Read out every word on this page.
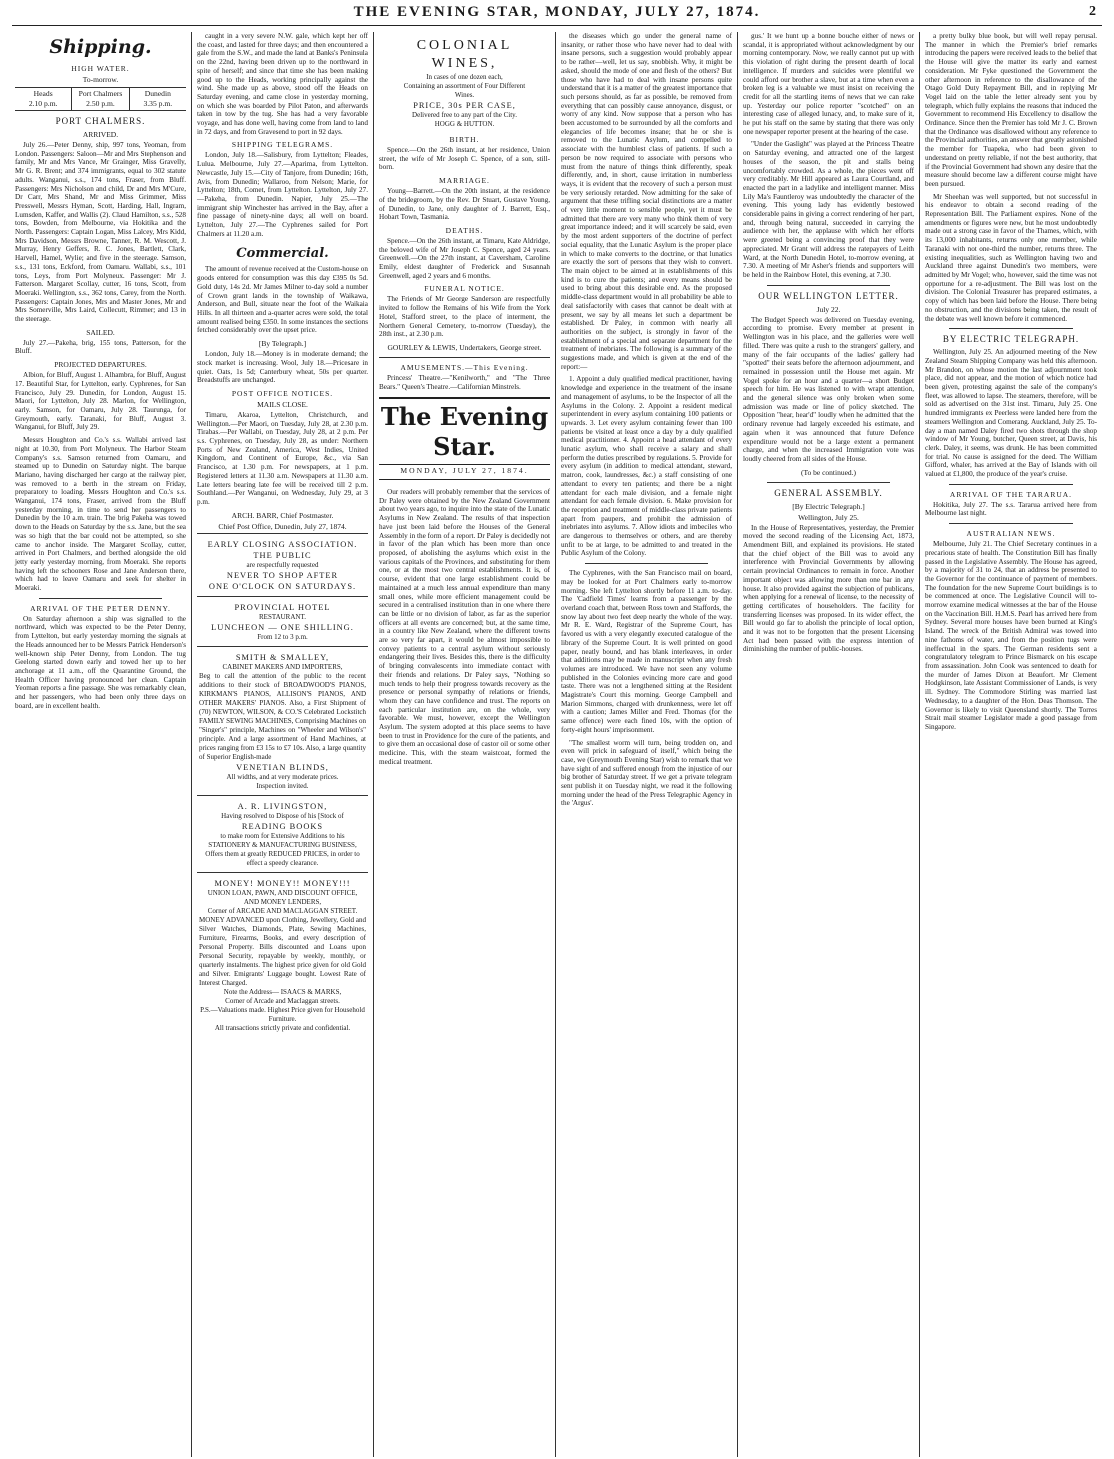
THE EVENING STAR, MONDAY, JULY 27, 1874.	2
Shipping.
HIGH WATER.
To-morrow.
Heads
2.10 p.m.
Port Chalmers
2.50 p.m.
Dunedin
3.35 p.m.
PORT CHALMERS.
ARRIVED.

July 26.—Peter Denny, ship, 997 tons, Yeoman, from London. Passengers: Saloon—Mr and Mrs Stephenson and family, Mr and Mrs Vance, Mr Grainger, Miss Gravelly, Mr G. R. Brent; and 374 immigrants, equal to 302 statute adults. Wanganui, s.s., 174 tons, Fraser, from Bluff. Passengers: Mrs Nicholson and child, Dr and Mrs M'Cure, Dr Carr, Mrs Shand, Mr and Miss Grimmer, Miss Presswell, Messrs Hyman, Scott, Harding, Hall, Ingram, Lumsden, Kaffer, and Wallis (2). Claud Hamilton, s.s., 528 tons, Bowden, from Melbourne, via Hokitika and the North. Passengers: Captain Logan, Miss Lalcey, Mrs Kidd, Mrs Davidson, Messrs Browne, Tanner, R. M. Wescott, J. Murray, Henry Geffers, R. C. Jones, Bartlett, Clark, Harvell, Hamel, Wylie; and five in the steerage. Samson, s.s., 131 tons, Eckford, from Oamaru. Wallabi, s.s., 101 tons, Leys, from Port Molyneux. Passenger: Mr J. Fatterson. Margaret Scollay, cutter, 16 tons, Scott, from Moeraki. Wellington, s.s., 362 tons, Carey, from the North. Passengers: Captain Jones, Mrs and Master Jones, Mr and Mrs Somerville, Mrs Laird, Collecutt, Rimmer; and 13 in the steerage.

SAILED.

July 27.—Pakeha, brig, 155 tons, Patterson, for the Bluff.

PROJECTED DEPARTURES.

Albion, for Bluff, August 1. Alhambra, for Bluff, August 17. Beautiful Star, for Lyttelton, early. Cyphrenes, for San Francisco, July 29. Dunedin, for London, August 15. Maori, for Lyttelton, July 28. Marlon, for Wellington, early. Samson, for Oamaru, July 28. Taurunga, for Greymouth, early. Taranaki, for Bluff, August 3. Wanganui, for Bluff, July 29.

Messrs Houghton and Co.'s s.s. Wallabi arrived last night at 10.30, from Port Molyneux. The Harbor Steam Company's s.s. Samson returned from Oamaru, and steamed up to Dunedin on Saturday night. The barque Mariano, having discharged her cargo at the railway pier, was removed to a berth in the stream on Friday, preparatory to loading. Messrs Houghton and Co.'s s.s. Wanganui, 174 tons, Fraser, arrived from the Bluff yesterday morning, in time to send her passengers to Dunedin by the 10 a.m. train. The brig Pakeha was towed down to the Heads on Saturday by the s.s. Jane, but the sea was so high that the bar could not be attempted, so she came to anchor inside. The Margaret Scollay, cutter, arrived in Port Chalmers, and berthed alongside the old jetty early yesterday morning, from Moeraki. She reports having left the schooners Rose and Jane Anderson there, which had to leave Oamaru and seek for shelter in Moeraki.

ARRIVAL OF THE PETER DENNY.

On Saturday afternoon a ship was signalled to the northward, which was expected to be the Peter Denny, from Lyttelton, but early yesterday morning the signals at the Heads announced her to be Messrs Patrick Henderson's well-known ship Peter Denny, from London. The tug Geelong started down early and towed her up to her anchorage at 11 a.m., off the Quarantine Ground, the Health Officer having pronounced her clean. Captain Yeoman reports a fine passage. She was remarkably clean, and her passengers, who had been only three days on board, are in excellent health.

caught in a very severe N.W. gale, which kept her off the coast, and lasted for three days; and then encountered a gale from the S.W., and made the land at Banks's Peninsula on the 22nd, having been driven up to the northward in spite of herself; and since that time she has been making good up to the Heads, working principally against the wind. She made up as above, stood off the Heads on Saturday evening, and came close in yesterday morning, on which she was boarded by Pilot Paton, and afterwards taken in tow by the tug. She has had a very favorable voyage, and has done well, having come from land to land in 72 days, and from Gravesend to port in 92 days.

SHIPPING TELEGRAMS.

London, July 18.—Salisbury, from Lyttelton; Fleades, Lulua. Melbourne, July 27.—Aparima, from Lyttelton. Newcastle, July 15.—City of Tanjore, from Dunedin; 16th, Avis, from Dunedin; Wallaroo, from Nelson; Marie, for Lyttelton; 18th, Comet, from Lyttelton. Lyttelton, July 27.—Pakeha, from Dunedin. Napier, July 25.—The immigrant ship Winchester has arrived in the Bay, after a fine passage of ninety-nine days; all well on board. Lyttelton, July 27.—The Cyphrenes sailed for Port Chalmers at 11.20 a.m.

Commercial.

The amount of revenue received at the Custom-house on goods entered for consumption was this day £395 0s 5d. Gold duty, 14s 2d. Mr James Milner to-day sold a number of Crown grant lands in the township of Waikawa, Anderson, and Bull, situate near the foot of the Waikaia Hills. In all thirteen and a-quarter acres were sold, the total amount realised being £350. In some instances the sections fetched considerably over the upset price.

[By Telegraph.]

London, July 18.—Money is in moderate demand; the stock market is increasing. Wool, July 18.—Pricesare in quiet. Oats, 1s 5d; Canterbury wheat, 50s per quarter. Breadstuffs are unchanged.

POST OFFICE NOTICES.
MAILS CLOSE.

Timaru, Akaroa, Lyttelton, Christchurch, and Wellington.—Per Maori, on Tuesday, July 28, at 2.30 p.m. Tirabas.—Per Wallabi, on Tuesday, July 28, at 2 p.m. Per s.s. Cyphrenes, on Tuesday, July 28, as under: Northern Ports of New Zealand, America, West Indies, United Kingdom, and Continent of Europe, &c., via San Francisco, at 1.30 p.m. For newspapers, at 1 p.m. Registered letters at 11.30 a.m. Newspapers at 11.30 a.m. Late letters bearing late fee will be received till 2 p.m. Southland.—Per Wanganui, on Wednesday, July 29, at 3 p.m.

ARCH. BARR, Chief Postmaster.
Chief Post Office, Dunedin, July 27, 1874.
EARLY CLOSING ASSOCIATION.
THE PUBLIC
are respectfully requested
NEVER TO SHOP AFTER
ONE O'CLOCK ON SATURDAYS.
PROVINCIAL HOTEL
RESTAURANT.
LUNCHEON — ONE SHILLING.
From 12 to 3 p.m.
SMITH & SMALLEY,
CABINET MAKERS AND IMPORTERS,
Beg to call the attention of the public to the recent additions to their stock of BROADWOOD'S PIANOS, KIRKMAN'S PIANOS, ALLISON'S PIANOS, AND OTHER MAKERS' PIANOS. Also, a First Shipment of (70) NEWTON, WILSON, & CO.'S Celebrated Lockstitch FAMILY SEWING MACHINES, Comprising Machines on "Singer's" principle, Machines on "Wheeler and Wilson's" principle. And a large assortment of Hand Machines, at prices ranging from £3 15s to £7 10s. Also, a large quantity of Superior English-made
VENETIAN BLINDS,
All widths, and at very moderate prices.
Inspection invited.
A. R. LIVINGSTON,
Having resolved to Dispose of his [Stock of
READING BOOKS
to make room for Extensive Additions to his
STATIONERY & MANUFACTURING BUSINESS,
Offers them at greatly REDUCED PRICES, in order to effect a speedy clearance.
MONEY! MONEY!! MONEY!!!
UNION LOAN, PAWN, AND DISCOUNT OFFICE,
AND MONEY LENDERS,
Corner of ARCADE AND MACLAGGAN STREET.
MONEY ADVANCED upon Clothing, Jewellery, Gold and Silver Watches, Diamonds, Plate, Sewing Machines, Furniture, Firearms, Books, and every description of Personal Property. Bills discounted and Loans upon Personal Security, repayable by weekly, monthly, or quarterly instalments. The highest price given for old Gold and Silver. Emigrants' Luggage bought. Lowest Rate of Interest Charged.
Note the Address— ISAACS & MARKS,
Corner of Arcade and Maclaggan streets.
P.S.—Valuations made. Highest Price given for Household Furniture.
All transactions strictly private and confidential.
COLONIAL WINES,
In cases of one dozen each,
Containing an assortment of Four Different
Wines.
PRICE, 30s PER CASE,
Delivered free to any part of the City.
HOGG & HUTTON.
BIRTH.

Spence.—On the 26th instant, at her residence, Union street, the wife of Mr Joseph C. Spence, of a son, still-born.

MARRIAGE.

Young—Barrett.—On the 20th instant, at the residence of the bridegroom, by the Rev. Dr Stuart, Gustave Young, of Dunedin, to Jane, only daughter of J. Barrett, Esq., Hobart Town, Tasmania.

DEATHS.

Spence.—On the 26th instant, at Timaru, Kate Aldridge, the beloved wife of Mr Joseph C. Spence, aged 24 years. Greenwell.—On the 27th instant, at Caversham, Caroline Emily, eldest daughter of Frederick and Susannah Greenwell, aged 2 years and 6 months.

FUNERAL NOTICE.

The Friends of Mr George Sanderson are respectfully invited to follow the Remains of his Wife from the York Hotel, Stafford street, to the place of interment, the Northern General Cemetery, to-morrow (Tuesday), the 28th inst., at 2.30 p.m.

GOURLEY & LEWIS, Undertakers, George street.
AMUSEMENTS.—This Evening.

Princess' Theatre.—"Kenilworth," and "The Three Bears." Queen's Theatre.—Californian Minstrels.

The Evening Star.
MONDAY, JULY 27, 1874.

Our readers will probably remember that the services of Dr Paley were obtained by the New Zealand Government about two years ago, to inquire into the state of the Lunatic Asylums in New Zealand. The results of that inspection have just been laid before the Houses of the General Assembly in the form of a report. Dr Paley is decidedly not in favor of the plan which has been more than once proposed, of abolishing the asylums which exist in the various capitals of the Provinces, and substituting for them one, or at the most two central establishments. It is, of course, evident that one large establishment could be maintained at a much less annual expenditure than many small ones, while more efficient management could be secured in a centralised institution than in one where there can be little or no division of labor, as far as the superior officers at all events are concerned; but, at the same time, in a country like New Zealand, where the different towns are so very far apart, it would be almost impossible to convey patients to a central asylum without seriously endangering their lives. Besides this, there is the difficulty of bringing convalescents into immediate contact with their friends and relations. Dr Paley says, "Nothing so much tends to help their progress towards recovery as the presence or personal sympathy of relations or friends, whom they can have confidence and trust. The reports on each particular institution are, on the whole, very favorable. We must, however, except the Wellington Asylum. The system adopted at this place seems to have been to trust in Providence for the cure of the patients, and to give them an occasional dose of castor oil or some other medicine. This, with the steam waistcoat, formed the medical treatment.

the diseases which go under the general name of insanity, or rather those who have never had to deal with insane persons, such a suggestion would probably appear to be rather—well, let us say, snobbish. Why, it might be asked, should the mode of one and flesh of the others? But those who have had to deal with insane persons quite understand that it is a matter of the greatest importance that such persons should, as far as possible, be removed from everything that can possibly cause annoyance, disgust, or worry of any kind. Now suppose that a person who has been accustomed to be surrounded by all the comforts and elegancies of life becomes insane; that he or she is removed to the Lunatic Asylum, and compelled to associate with the humblest class of patients. If such a person be now required to associate with persons who must from the nature of things think differently, speak differently, and, in short, cause irritation in numberless ways, it is evident that the recovery of such a person must be very seriously retarded. Now admitting for the sake of argument that these trifling social distinctions are a matter of very little moment to sensible people, yet it must be admitted that there are very many who think them of very great importance indeed; and it will scarcely be said, even by the most ardent supporters of the doctrine of perfect social equality, that the Lunatic Asylum is the proper place in which to make converts to the doctrine, or that lunatics are exactly the sort of persons that they wish to convert. The main object to be aimed at in establishments of this kind is to cure the patients; and every means should be used to bring about this desirable end. As the proposed middle-class department would in all probability be able to deal satisfactorily with cases that cannot be dealt with at present, we say by all means let such a department be established. Dr Paley, in common with nearly all authorities on the subject, is strongly in favor of the establishment of a special and separate department for the treatment of inebriates. The following is a summary of the suggestions made, and which is given at the end of the report:—

1. Appoint a duly qualified medical practitioner, having knowledge and experience in the treatment of the insane and management of asylums, to be the Inspector of all the Asylums in the Colony. 2. Appoint a resident medical superintendent in every asylum containing 100 patients or upwards. 3. Let every asylum containing fewer than 100 patients be visited at least once a day by a duly qualified medical practitioner. 4. Appoint a head attendant of every lunatic asylum, who shall receive a salary and shall perform the duties prescribed by regulations. 5. Provide for every asylum (in addition to medical attendant, steward, matron, cook, laundresses, &c.) a staff consisting of one attendant to every ten patients; and there be a night attendant for each male division, and a female night attendant for each female division. 6. Make provision for the reception and treatment of middle-class private patients apart from paupers, and prohibit the admission of inebriates into asylums. 7. Allow idiots and imbeciles who are dangerous to themselves or others, and are thereby unfit to be at large, to be admitted to and treated in the Public Asylum of the Colony.

The Cyphrenes, with the San Francisco mail on board, may be looked for at Port Chalmers early to-morrow morning. She left Lyttelton shortly before 11 a.m. to-day. The 'Cadfield Times' learns from a passenger by the overland coach that, between Ross town and Staffords, the snow lay about two feet deep nearly the whole of the way. Mr R. E. Ward, Registrar of the Supreme Court, has favored us with a very elegantly executed catalogue of the library of the Supreme Court. It is well printed on good paper, neatly bound, and has blank interleaves, in order that additions may be made in manuscript when any fresh volumes are introduced. We have not seen any volume published in the Colonies evincing more care and good taste. There was not a lengthened sitting at the Resident Magistrate's Court this morning. George Campbell and Marion Simmons, charged with drunkenness, were let off with a caution; James Miller and Fred. Thomas (for the same offence) were each fined 10s, with the option of forty-eight hours' imprisonment.

"The smallest worm will turn, being trodden on, and even will prick in safeguard of itself," which being the case, we (Greymouth Evening Star) wish to remark that we have sight of and suffered enough from the injustice of our big brother of Saturday street. If we get a private telegram sent publish it on Tuesday night, we read it the following morning under the head of the Press Telegraphic Agency in the 'Argus'.

gus.' It we hunt up a bonne bouche either of news or scandal, it is appropriated without acknowledgment by our morning contemporary. Now, we really cannot put up with this violation of right during the present dearth of local intelligence. If murders and suicides were plentiful we could afford our brother a slave, but at a time when even a broken leg is a valuable we must insist on receiving the credit for all the startling items of news that we can rake up. Yesterday our police reporter "scotched" on an interesting case of alleged lunacy, and, to make sure of it, he put his staff on the same by stating that there was only one newspaper reporter present at the hearing of the case.

"Under the Gaslight" was played at the Princess Theatre on Saturday evening, and attracted one of the largest houses of the season, the pit and stalls being uncomfortably crowded. As a whole, the pieces went off very creditably. Mr Hill appeared as Laura Courtland, and enacted the part in a ladylike and intelligent manner. Miss Lily Ma's Fauntleroy was undoubtedly the character of the evening. This young lady has evidently bestowed considerable pains in giving a correct rendering of her part, and, through being natural, succeeded in carrying the audience with her, the applause with which her efforts were greeted being a convincing proof that they were appreciated. Mr Grant will address the ratepayers of Leith Ward, at the North Dunedin Hotel, to-morrow evening, at 7.30. A meeting of Mr Asher's friends and supporters will be held in the Rainbow Hotel, this evening, at 7.30.

OUR WELLINGTON LETTER.
July 22.

The Budget Speech was delivered on Tuesday evening, according to promise. Every member at present in Wellington was in his place, and the galleries were well filled. There was quite a rush to the strangers' gallery, and many of the fair occupants of the ladies' gallery had "spotted" their seats before the afternoon adjournment, and remained in possession until the House met again. Mr Vogel spoke for an hour and a quarter—a short Budget speech for him. He was listened to with wrapt attention, and the general silence was only broken when some admission was made or line of policy sketched. The Opposition "hear, hear'd" loudly when he admitted that the ordinary revenue had largely exceeded his estimate, and again when it was announced that future Defence expenditure would not be a large extent a permanent charge, and when the increased Immigration vote was loudly cheered from all sides of the House.

(To be continued.)
GENERAL ASSEMBLY.
[By Electric Telegraph.]
Wellington, July 25.

In the House of Representatives, yesterday, the Premier moved the second reading of the Licensing Act, 1873, Amendment Bill, and explained its provisions. He stated that the chief object of the Bill was to avoid any interference with Provincial Governments by allowing certain provincial Ordinances to remain in force. Another important object was allowing more than one bar in any house. It also provided against the subjection of publicans, when applying for a renewal of license, to the necessity of getting certificates of householders. The facility for transferring licenses was proposed. In its wider effect, the Bill would go far to abolish the principle of local option, and it was not to be forgotten that the present Licensing Act had been passed with the express intention of diminishing the number of public-houses.

a pretty bulky blue book, but will well repay perusal. The manner in which the Premier's brief remarks introducing the papers were received leads to the belief that the House will give the matter its early and earnest consideration. Mr Fyke questioned the Government the other afternoon in reference to the disallowance of the Otago Gold Duty Repayment Bill, and in replying Mr Vogel laid on the table the letter already sent you by telegraph, which fully explains the reasons that induced the Government to recommend His Excellency to disallow the Ordinance. Since then the Premier has told Mr J. C. Brown that the Ordinance was disallowed without any reference to the Provincial authorities, an answer that greatly astonished the member for Tuapeka, who had been given to understand on pretty reliable, if not the best authority, that if the Provincial Government had shown any desire that the measure should become law a different course might have been pursued.

Mr Sheehan was well supported, but not successful in his endeavor to obtain a second reading of the Representation Bill. The Parliament expires. None of the amendments or figures were new, but he most undoubtedly made out a strong case in favor of the Thames, which, with its 13,000 inhabitants, returns only one member, while Taranaki with not one-third the number, returns three. The existing inequalities, such as Wellington having two and Auckland three against Dunedin's two members, were admitted by Mr Vogel; who, however, said the time was not opportune for a re-adjustment. The Bill was lost on the division. The Colonial Treasurer has prepared estimates, a copy of which has been laid before the House. There being no obstruction, and the divisions being taken, the result of the debate was well known before it commenced.

BY ELECTRIC TELEGRAPH.

Wellington, July 25. An adjourned meeting of the New Zealand Steam Shipping Company was held this afternoon. Mr Brandon, on whose motion the last adjournment took place, did not appear, and the motion of which notice had been given, protesting against the sale of the company's fleet, was allowed to lapse. The steamers, therefore, will be sold as advertised on the 31st inst. Timaru, July 25. One hundred immigrants ex Peerless were landed here from the steamers Wellington and Comerang. Auckland, July 25. To-day a man named Daley fired two shots through the shop window of Mr Young, butcher, Queen street, at Davis, his clerk. Daley, it seems, was drunk. He has been committed for trial. No cause is assigned for the deed. The William Gifford, whaler, has arrived at the Bay of Islands with oil valued at £1,800, the produce of the year's cruise.

ARRIVAL OF THE TARARUA.

Hokitika, July 27. The s.s. Tararua arrived here from Melbourne last night.

AUSTRALIAN NEWS.

Melbourne, July 21. The Chief Secretary continues in a precarious state of health. The Constitution Bill has finally passed in the Legislative Assembly. The House has agreed, by a majority of 31 to 24, that an address be presented to the Governor for the continuance of payment of members. The foundation for the new Supreme Court buildings is to be commenced at once. The Legislative Council will to-morrow examine medical witnesses at the bar of the House on the Vaccination Bill. H.M.S. Pearl has arrived here from Sydney. Several more houses have been burned at King's Island. The wreck of the British Admiral was towed into nine fathoms of water, and from the position tugs were ineffectual in the spars. The German residents sent a congratulatory telegram to Prince Bismarck on his escape from assassination. John Cook was sentenced to death for the murder of James Dixon at Beaufort. Mr Clement Hodgkinson, late Assistant Commissioner of Lands, is very ill. Sydney. The Commodore Stirling was married last Wednesday, to a daughter of the Hon. Deas Thomson. The Governor is likely to visit Queensland shortly. The Torres Strait mail steamer Legislator made a good passage from Singapore.
